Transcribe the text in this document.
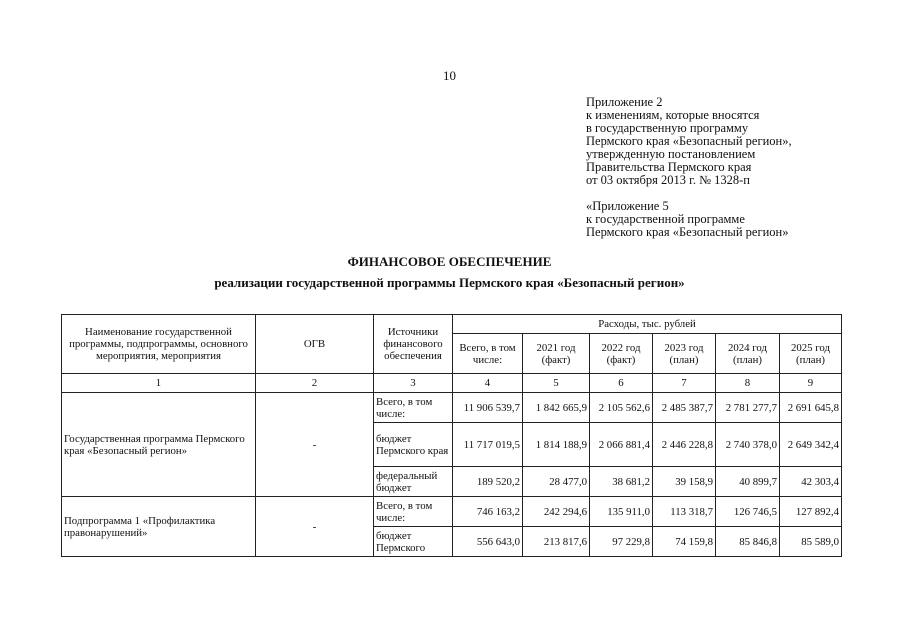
10
Приложение 2
к изменениям, которые вносятся
в государственную программу
Пермского края «Безопасный регион»,
утвержденную постановлением
Правительства Пермского края
от 03 октября 2013 г. № 1328-п
«Приложение 5
к государственной программе
Пермского края «Безопасный регион»
ФИНАНСОВОЕ ОБЕСПЕЧЕНИЕ
реализации государственной программы Пермского края «Безопасный регион»
Наименование государственной программы, подпрограммы, основного мероприятия, мероприятия	ОГВ	Источники финансового обеспечения	Расходы, тыс. рублей					
			Всего, в том числе:	2021 год (факт)	2022 год (факт)	2023 год (план)	2024 год (план)	2025 год (план)
1	2	3	4	5	6	7	8	9
Государственная программа Пермского края «Безопасный регион»	-	Всего, в том числе:	11 906 539,7	1 842 665,9	2 105 562,6	2 485 387,7	2 781 277,7	2 691 645,8
		бюджет Пермского края	11 717 019,5	1 814 188,9	2 066 881,4	2 446 228,8	2 740 378,0	2 649 342,4
		федеральный бюджет	189 520,2	28 477,0	38 681,2	39 158,9	40 899,7	42 303,4
Подпрограмма 1 «Профилактика правонарушений»	-	Всего, в том числе:	746 163,2	242 294,6	135 911,0	113 318,7	126 746,5	127 892,4
		бюджет Пермского	556 643,0	213 817,6	97 229,8	74 159,8	85 846,8	85 589,0
